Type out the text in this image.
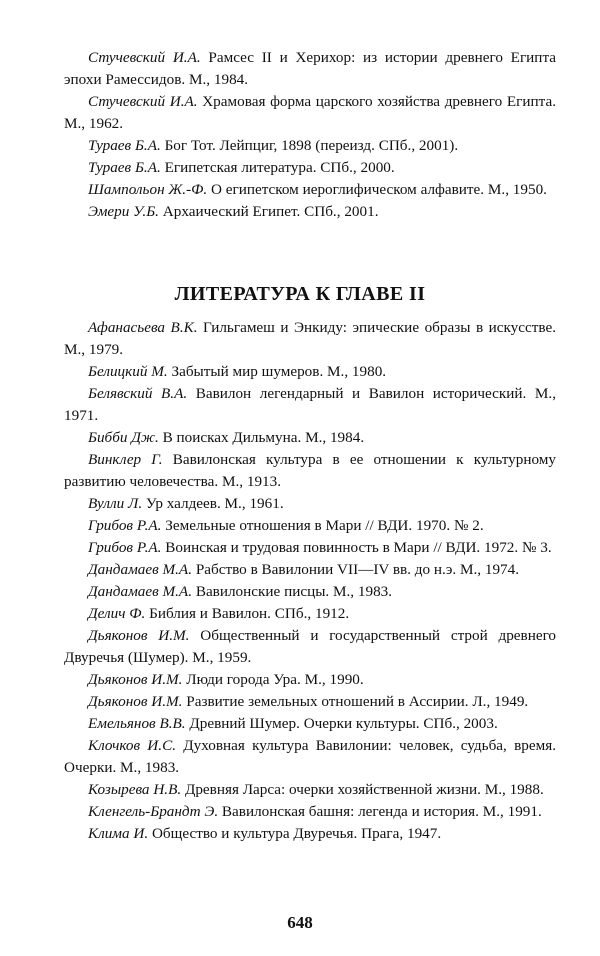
Стучевский И.А. Рамсес II и Херихор: из истории древнего Египта эпохи Рамессидов. М., 1984.

Стучевский И.А. Храмовая форма царского хозяйства древнего Египта. М., 1962.

Тураев Б.А. Бог Тот. Лейпциг, 1898 (переизд. СПб., 2001).

Тураев Б.А. Египетская литература. СПб., 2000.

Шампольон Ж.-Ф. О египетском иероглифическом алфавите. М., 1950.

Эмери У.Б. Архаический Египет. СПб., 2001.

ЛИТЕРАТУРА К ГЛАВЕ II

Афанасьева В.К. Гильгамеш и Энкиду: эпические образы в искусстве. М., 1979.

Белицкий М. Забытый мир шумеров. М., 1980.

Белявский В.А. Вавилон легендарный и Вавилон исторический. М., 1971.

Бибби Дж. В поисках Дильмуна. М., 1984.

Винклер Г. Вавилонская культура в ее отношении к культурному развитию человечества. М., 1913.

Вулли Л. Ур халдеев. М., 1961.

Грибов Р.А. Земельные отношения в Мари // ВДИ. 1970. № 2.

Грибов Р.А. Воинская и трудовая повинность в Мари // ВДИ. 1972. № 3.

Дандамаев М.А. Рабство в Вавилонии VII—IV вв. до н.э. М., 1974.

Дандамаев М.А. Вавилонские писцы. М., 1983.

Делич Ф. Библия и Вавилон. СПб., 1912.

Дьяконов И.М. Общественный и государственный строй древнего Двуречья (Шумер). М., 1959.

Дьяконов И.М. Люди города Ура. М., 1990.

Дьяконов И.М. Развитие земельных отношений в Ассирии. Л., 1949.

Емельянов В.В. Древний Шумер. Очерки культуры. СПб., 2003.

Клочков И.С. Духовная культура Вавилонии: человек, судьба, время. Очерки. М., 1983.

Козырева Н.В. Древняя Ларса: очерки хозяйственной жизни. М., 1988.

Кленгель-Брандт Э. Вавилонская башня: легенда и история. М., 1991.

Клима И. Общество и культура Двуречья. Прага, 1947.

648
